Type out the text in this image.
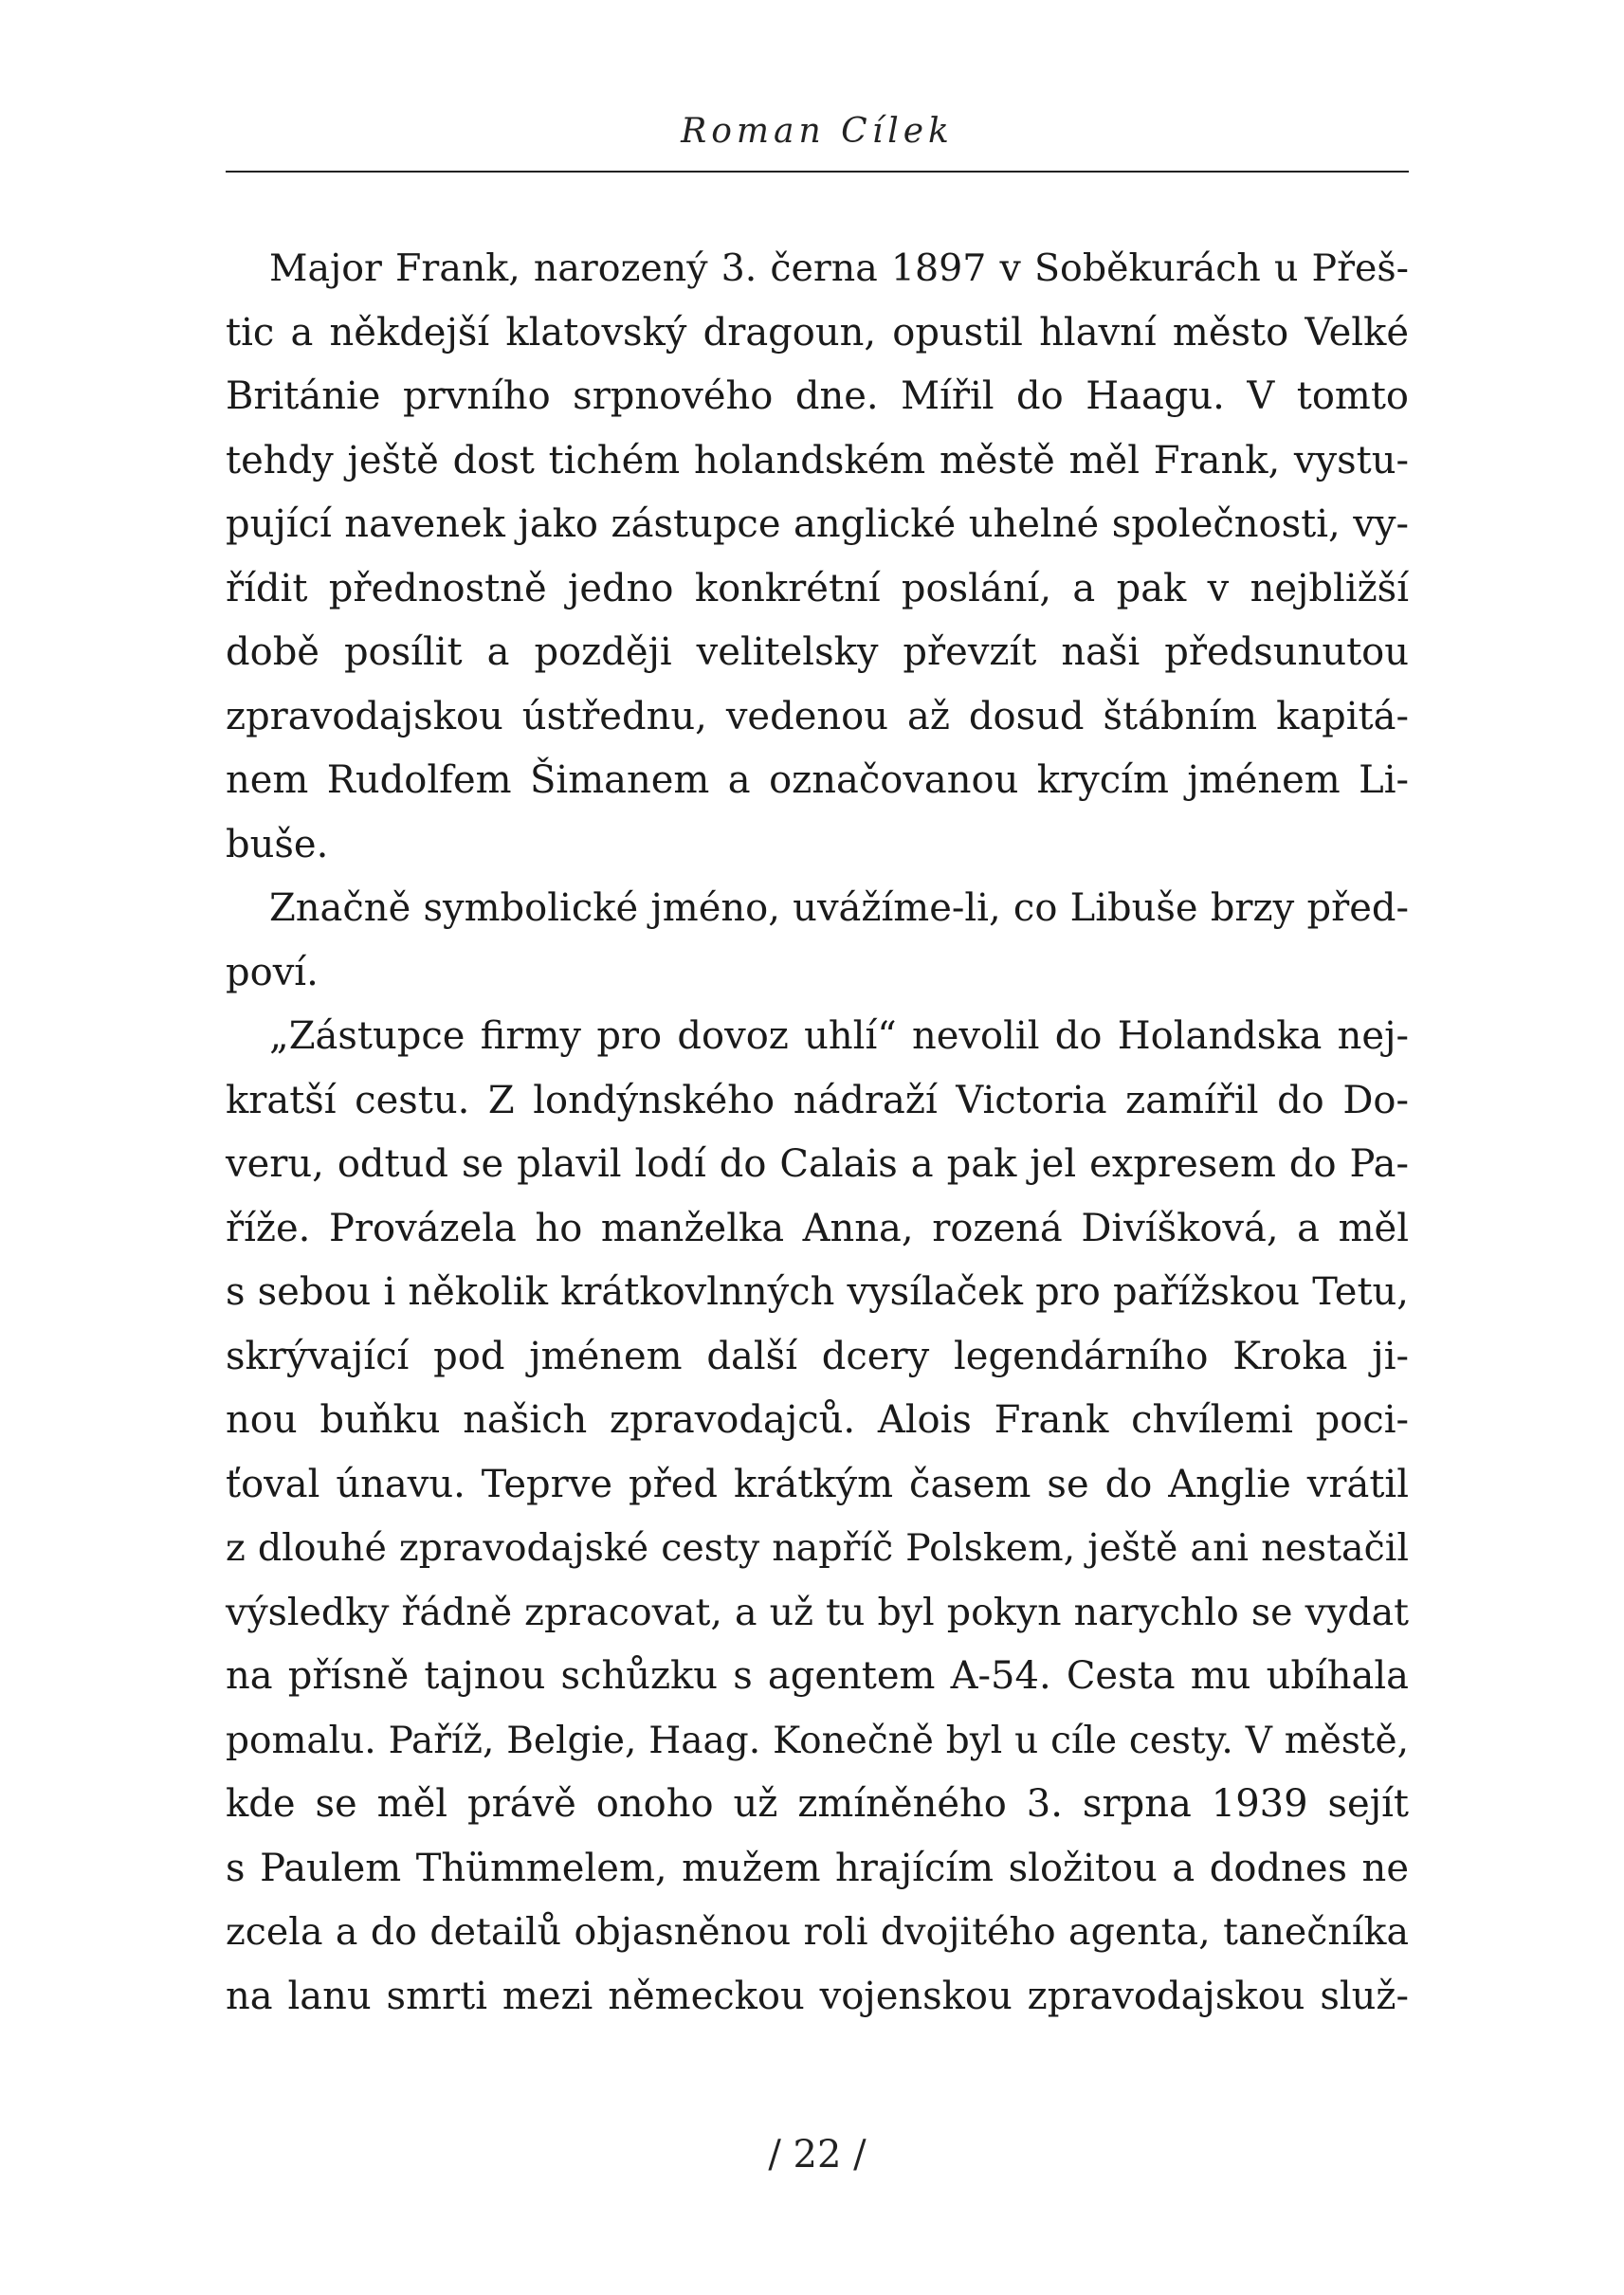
Roman Cílek
Major Frank, narozený 3. černa 1897 v Soběkurách u Přeš-
tic a někdejší klatovský dragoun, opustil hlavní město Velké
Británie prvního srpnového dne. Mířil do Haagu. V tomto
tehdy ještě dost tichém holandském městě měl Frank, vystu-
pující navenek jako zástupce anglické uhelné společnosti, vy-
řídit přednostně jedno konkrétní poslání, a pak v nejbližší
době posílit a později velitelsky převzít naši předsunutou
zpravodajskou ústřednu, vedenou až dosud štábním kapitá-
nem Rudolfem Šimanem a označovanou krycím jménem Li-
buše.
Značně symbolické jméno, uvážíme-li, co Libuše brzy před-
poví.
„Zástupce firmy pro dovoz uhlí“ nevolil do Holandska nej-
kratší cestu. Z londýnského nádraží Victoria zamířil do Do-
veru, odtud se plavil lodí do Calais a pak jel expresem do Pa-
říže. Provázela ho manželka Anna, rozená Divíšková, a měl
s sebou i několik krátkovlnných vysílaček pro pařížskou Tetu,
skrývající pod jménem další dcery legendárního Kroka ji-
nou buňku našich zpravodajců. Alois Frank chvílemi poci-
ťoval únavu. Teprve před krátkým časem se do Anglie vrátil
z dlouhé zpravodajské cesty napříč Polskem, ještě ani nestačil
výsledky řádně zpracovat, a už tu byl pokyn narychlo se vydat
na přísně tajnou schůzku s agentem A-54. Cesta mu ubíhala
pomalu. Paříž, Belgie, Haag. Konečně byl u cíle cesty. V městě,
kde se měl právě onoho už zmíněného 3. srpna 1939 sejít
s Paulem Thümmelem, mužem hrajícím složitou a dodnes ne
zcela a do detailů objasněnou roli dvojitého agenta, tanečníka
na lanu smrti mezi německou vojenskou zpravodajskou služ-
/ 22 /
